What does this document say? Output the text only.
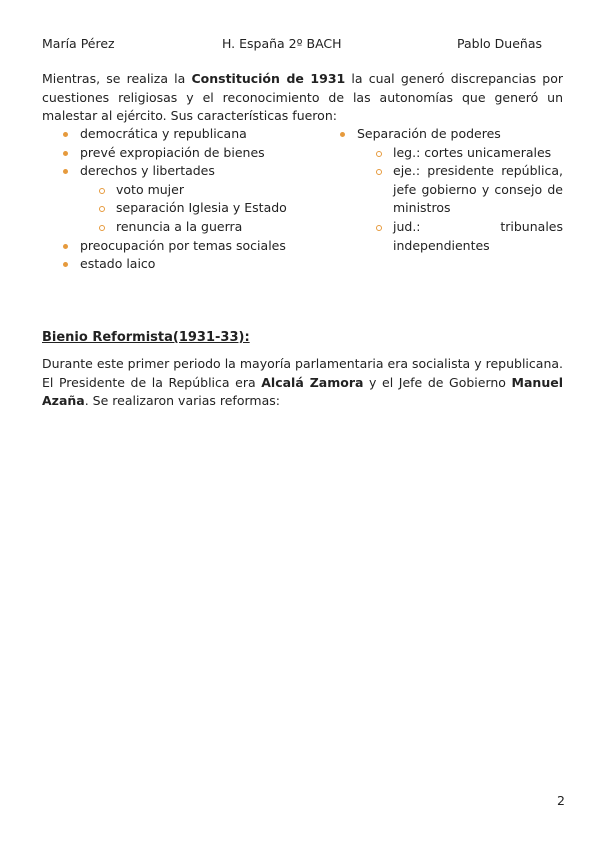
María Pérez	H. España 2º BACH	Pablo Dueñas
Mientras, se realiza la Constitución de 1931 la cual generó discrepancias por cuestiones religiosas y el reconocimiento de las autonomías que generó un malestar al ejército. Sus características fueron:
democrática y republicana
prevé expropiación de bienes
derechos y libertades
voto mujer
separación Iglesia y Estado
renuncia a la guerra
preocupación por temas sociales
estado laico
Separación de poderes
leg.: cortes unicamerales
eje.: presidente república,
jefe gobierno y consejo de
ministros
jud.: tribunales
independientes
Bienio Reformista(1931-33):
Durante este primer periodo la mayoría parlamentaria era socialista y republicana. El Presidente de la República era Alcalá Zamora y el Jefe de Gobierno Manuel Azaña. Se realizaron varias reformas:
2
